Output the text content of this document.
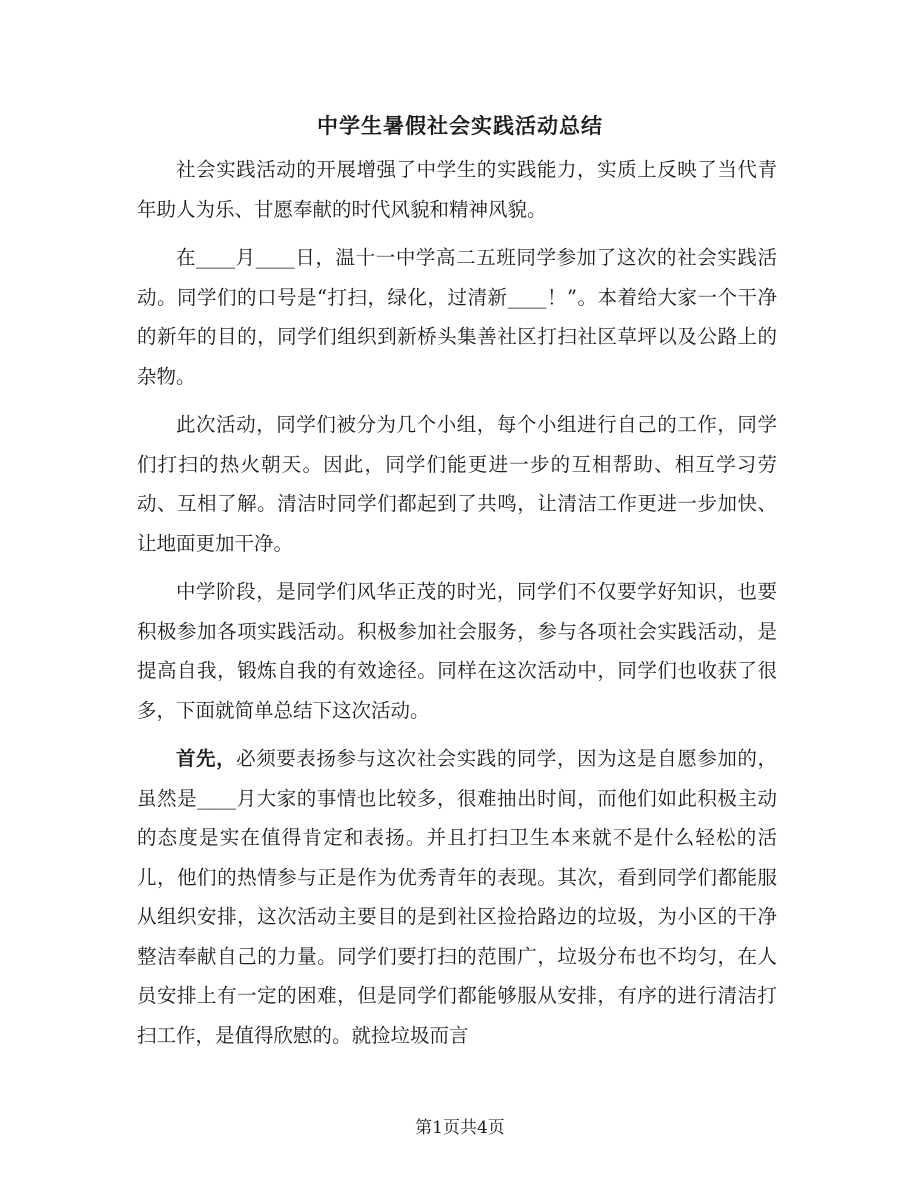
中学生暑假社会实践活动总结

社会实践活动的开展增强了中学生的实践能力，实质上反映了当代青年助人为乐、甘愿奉献的时代风貌和精神风貌。

在____月____日，温十一中学高二五班同学参加了这次的社会实践活动。同学们的口号是“打扫，绿化，过清新____！”。本着给大家一个干净的新年的目的，同学们组织到新桥头集善社区打扫社区草坪以及公路上的杂物。

此次活动，同学们被分为几个小组，每个小组进行自己的工作，同学们打扫的热火朝天。因此，同学们能更进一步的互相帮助、相互学习劳动、互相了解。清洁时同学们都起到了共鸣，让清洁工作更进一步加快、让地面更加干净。

中学阶段，是同学们风华正茂的时光，同学们不仅要学好知识，也要积极参加各项实践活动。积极参加社会服务，参与各项社会实践活动，是提高自我，锻炼自我的有效途径。同样在这次活动中，同学们也收获了很多，下面就简单总结下这次活动。

首先，必须要表扬参与这次社会实践的同学，因为这是自愿参加的，虽然是____月大家的事情也比较多，很难抽出时间，而他们如此积极主动的态度是实在值得肯定和表扬。并且打扫卫生本来就不是什么轻松的活儿，他们的热情参与正是作为优秀青年的表现。其次，看到同学们都能服从组织安排，这次活动主要目的是到社区捡拾路边的垃圾，为小区的干净整洁奉献自己的力量。同学们要打扫的范围广，垃圾分布也不均匀，在人员安排上有一定的困难，但是同学们都能够服从安排，有序的进行清洁打扫工作，是值得欣慰的。就捡垃圾而言

第1页共4页
